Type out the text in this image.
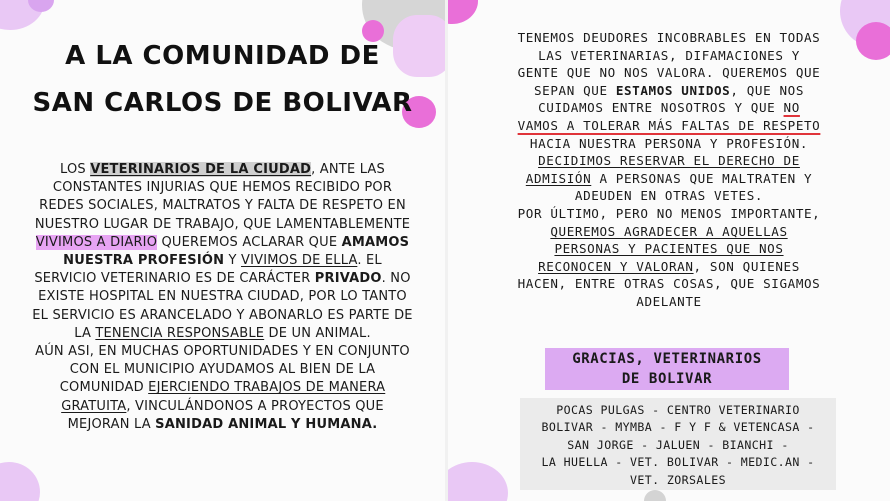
A LA COMUNIDAD DE
SAN CARLOS DE BOLIVAR
LOS VETERINARIOS DE LA CIUDAD, ANTE LAS CONSTANTES INJURIAS QUE HEMOS RECIBIDO POR REDES SOCIALES, MALTRATOS Y FALTA DE RESPETO EN NUESTRO LUGAR DE TRABAJO, QUE LAMENTABLEMENTE VIVIMOS A DIARIO QUEREMOS ACLARAR QUE AMAMOS NUESTRA PROFESIÓN Y VIVIMOS DE ELLA. EL SERVICIO VETERINARIO ES DE CARÁCTER PRIVADO. NO EXISTE HOSPITAL EN NUESTRA CIUDAD, POR LO TANTO EL SERVICIO ES ARANCELADO Y ABONARLO ES PARTE DE LA TENENCIA RESPONSABLE DE UN ANIMAL.
AÚN ASI, EN MUCHAS OPORTUNIDADES Y EN CONJUNTO CON EL MUNICIPIO AYUDAMOS AL BIEN DE LA COMUNIDAD EJERCIENDO TRABAJOS DE MANERA GRATUITA, VINCULÁNDONOS A PROYECTOS QUE MEJORAN LA SANIDAD ANIMAL Y HUMANA.
TENEMOS DEUDORES INCOBRABLES EN TODAS LAS VETERINARIAS, DIFAMACIONES Y GENTE QUE NO NOS VALORA. QUEREMOS QUE SEPAN QUE ESTAMOS UNIDOS, QUE NOS CUIDAMOS ENTRE NOSOTROS Y QUE NO VAMOS A TOLERAR MÁS FALTAS DE RESPETO HACIA NUESTRA PERSONA Y PROFESIÓN.
DECIDIMOS RESERVAR EL DERECHO DE ADMISIÓN A PERSONAS QUE MALTRATEN Y ADEUDEN EN OTRAS VETES.
POR ÚLTIMO, PERO NO MENOS IMPORTANTE, QUEREMOS AGRADECER A AQUELLAS PERSONAS Y PACIENTES QUE NOS RECONOCEN Y VALORAN, SON QUIENES HACEN, ENTRE OTRAS COSAS, QUE SIGAMOS ADELANTE
GRACIAS, VETERINARIOS
DE BOLIVAR
POCAS PULGAS - CENTRO VETERINARIO
BOLIVAR - MYMBA - F Y F & VETENCASA -
SAN JORGE - JALUEN - BIANCHI -
LA HUELLA - VET. BOLIVAR - MEDIC.AN -
VET. ZORSALES
